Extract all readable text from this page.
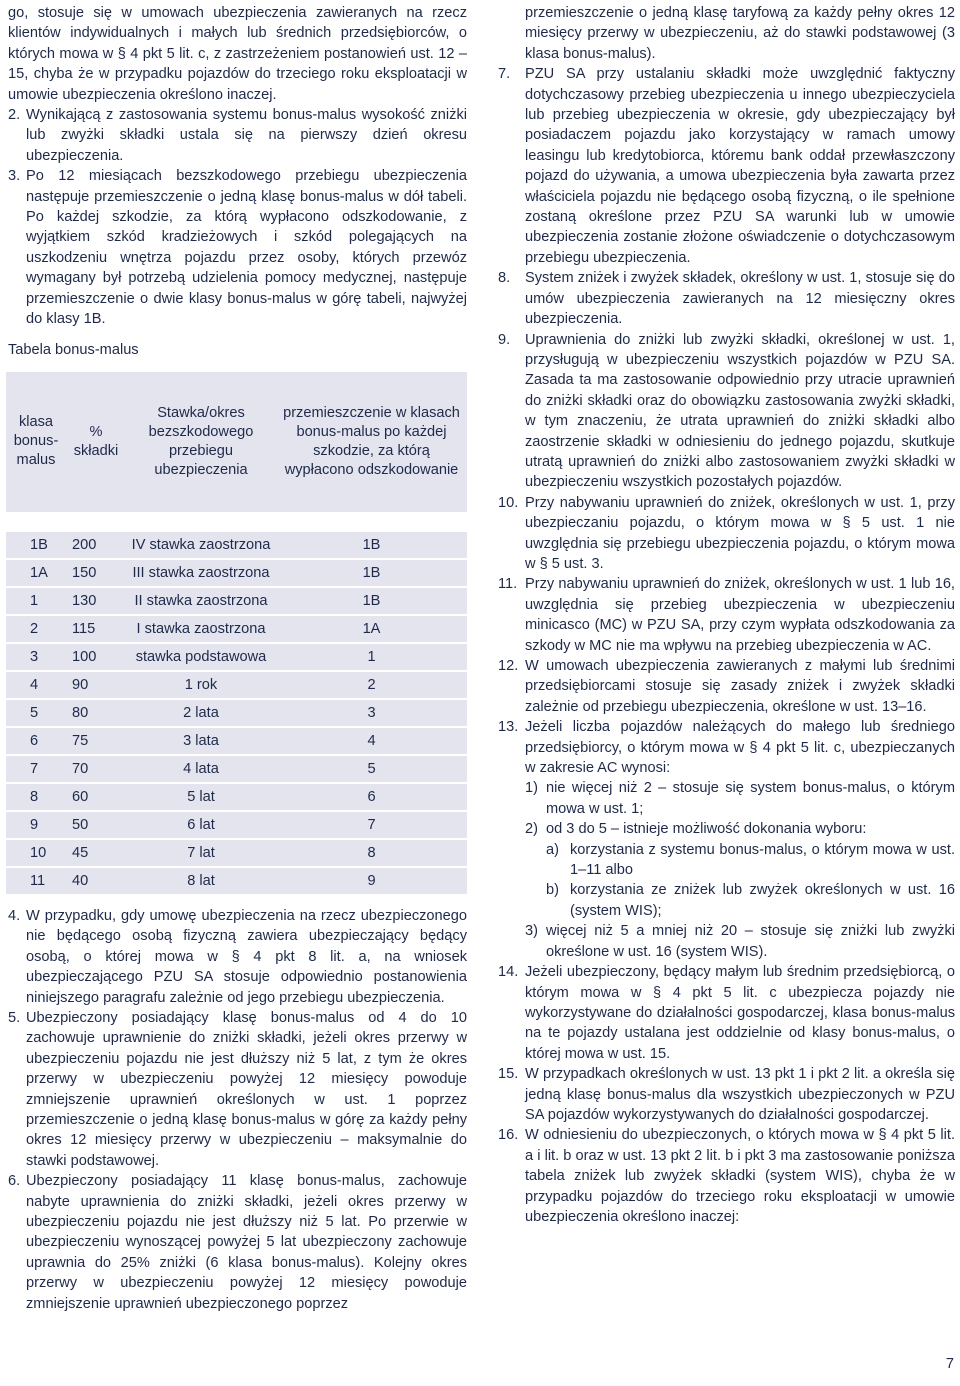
go, stosuje się w umowach ubezpieczenia zawieranych na rzecz klientów indywidualnych i małych lub średnich przedsiębiorców, o których mowa w § 4 pkt 5 lit. c, z zastrzeżeniem postanowień ust. 12 –15, chyba że w przypadku pojazdów do trzeciego roku eksploatacji w umowie ubezpieczenia określono inaczej.

2. Wynikającą z zastosowania systemu bonus-malus wysokość zniżki lub zwyżki składki ustala się na pierwszy dzień okresu ubezpieczenia.

3. Po 12 miesiącach bezszkodowego przebiegu ubezpieczenia następuje przemieszczenie o jedną klasę bonus-malus w dół tabeli. Po każdej szkodzie, za którą wypłacono odszkodowanie, z wyjątkiem szkód kradzieżowych i szkód polegających na uszkodzeniu wnętrza pojazdu przez osoby, których przewóz wymagany był potrzebą udzielenia pomocy medycznej, następuje przemieszczenie o dwie klasy bonus-malus w górę tabeli, najwyżej do klasy 1B.

Tabela bonus-malus

klasa bonus-malus	% składki	Stawka/okres bezszkodowego przebiegu ubezpieczenia	przemieszczenie w klasach bonus-malus po każdej szkodzie, za którą wypłacono odszkodowanie

1B	200	IV stawka zaostrzona	1B
1A	150	III stawka zaostrzona	1B
1	130	II stawka zaostrzona	1B
2	115	I stawka zaostrzona	1A
3	100	stawka podstawowa	1
4	90	1 rok	2
5	80	2 lata	3
6	75	3 lata	4
7	70	4 lata	5
8	60	5 lat	6
9	50	6 lat	7
10	45	7 lat	8
11	40	8 lat	9

4. W przypadku, gdy umowę ubezpieczenia na rzecz ubezpieczonego nie będącego osobą fizyczną zawiera ubezpieczający będący osobą, o której mowa w § 4 pkt 8 lit. a, na wniosek ubezpieczającego PZU SA stosuje odpowiednio postanowienia niniejszego paragrafu zależnie od jego przebiegu ubezpieczenia.

5. Ubezpieczony posiadający klasę bonus-malus od 4 do 10 zachowuje uprawnienie do zniżki składki, jeżeli okres przerwy w ubezpieczeniu pojazdu nie jest dłuższy niż 5 lat, z tym że okres przerwy w ubezpieczeniu powyżej 12 miesięcy powoduje zmniejszenie uprawnień określonych w ust. 1 poprzez przemieszczenie o jedną klasę bonus-malus w górę za każdy pełny okres 12 miesięcy przerwy w ubezpieczeniu – maksymalnie do stawki podstawowej.

6. Ubezpieczony posiadający 11 klasę bonus-malus, zachowuje nabyte uprawnienia do zniżki składki, jeżeli okres przerwy w ubezpieczeniu pojazdu nie jest dłuższy niż 5 lat. Po przerwie w ubezpieczeniu wynoszącej powyżej 5 lat ubezpieczony zachowuje uprawnia do 25% zniżki (6 klasa bonus-malus). Kolejny okres przerwy w ubezpieczeniu powyżej 12 miesięcy powoduje zmniejszenie uprawnień ubezpieczonego poprzez

przemieszczenie o jedną klasę taryfową za każdy pełny okres 12 miesięcy przerwy w ubezpieczeniu, aż do stawki podstawowej (3 klasa bonus-malus).

7. PZU SA przy ustalaniu składki może uwzględnić faktyczny dotychczasowy przebieg ubezpieczenia u innego ubezpieczyciela lub przebieg ubezpieczenia w okresie, gdy ubezpieczający był posiadaczem pojazdu jako korzystający w ramach umowy leasingu lub kredytobiorca, któremu bank oddał przewłaszczony pojazd do używania, a umowa ubezpieczenia była zawarta przez właściciela pojazdu nie będącego osobą fizyczną, o ile spełnione zostaną określone przez PZU SA warunki lub w umowie ubezpieczenia zostanie złożone oświadczenie o dotychczasowym przebiegu ubezpieczenia.

8. System zniżek i zwyżek składek, określony w ust. 1, stosuje się do umów ubezpieczenia zawieranych na 12 miesięczny okres ubezpieczenia.

9. Uprawnienia do zniżki lub zwyżki składki, określonej w ust. 1, przysługują w ubezpieczeniu wszystkich pojazdów w PZU SA. Zasada ta ma zastosowanie odpowiednio przy utracie uprawnień do zniżki składki oraz do obowiązku zastosowania zwyżki składki, w tym znaczeniu, że utrata uprawnień do zniżki składki albo zaostrzenie składki w odniesieniu do jednego pojazdu, skutkuje utratą uprawnień do zniżki albo zastosowaniem zwyżki składki w ubezpieczeniu wszystkich pozostałych pojazdów.

10. Przy nabywaniu uprawnień do zniżek, określonych w ust. 1, przy ubezpieczaniu pojazdu, o którym mowa w § 5 ust. 1 nie uwzględnia się przebiegu ubezpieczenia pojazdu, o którym mowa w § 5 ust. 3.

11. Przy nabywaniu uprawnień do zniżek, określonych w ust. 1 lub 16, uwzględnia się przebieg ubezpieczenia w ubezpieczeniu minicasco (MC) w PZU SA, przy czym wypłata odszkodowania za szkody w MC nie ma wpływu na przebieg ubezpieczenia w AC.

12. W umowach ubezpieczenia zawieranych z małymi lub średnimi przedsiębiorcami stosuje się zasady zniżek i zwyżek składki zależnie od przebiegu ubezpieczenia, określone w ust. 13–16.

13. Jeżeli liczba pojazdów należących do małego lub średniego przedsiębiorcy, o którym mowa w § 4 pkt 5 lit. c, ubezpieczanych w zakresie AC wynosi:

1) nie więcej niż 2 – stosuje się system bonus-malus, o którym mowa w ust. 1;

2) od 3 do 5 – istnieje możliwość dokonania wyboru:

a) korzystania z systemu bonus-malus, o którym mowa w ust. 1–11 albo

b) korzystania ze zniżek lub zwyżek określonych w ust. 16 (system WIS);

3) więcej niż 5 a mniej niż 20 – stosuje się zniżki lub zwyżki określone w ust. 16 (system WIS).

14. Jeżeli ubezpieczony, będący małym lub średnim przedsiębiorcą, o którym mowa w § 4 pkt 5 lit. c ubezpiecza pojazdy nie wykorzystywane do działalności gospodarczej, klasa bonus-malus na te pojazdy ustalana jest oddzielnie od klasy bonus-malus, o której mowa w ust. 15.

15. W przypadkach określonych w ust. 13 pkt 1 i pkt 2 lit. a określa się jedną klasę bonus-malus dla wszystkich ubezpieczonych w PZU SA pojazdów wykorzystywanych do działalności gospodarczej.

16. W odniesieniu do ubezpieczonych, o których mowa w § 4 pkt 5 lit. a i lit. b oraz w ust. 13 pkt 2 lit. b i pkt 3 ma zastosowanie poniższa tabela zniżek lub zwyżek składki (system WIS), chyba że w przypadku pojazdów do trzeciego roku eksploatacji w umowie ubezpieczenia określono inaczej:

7
